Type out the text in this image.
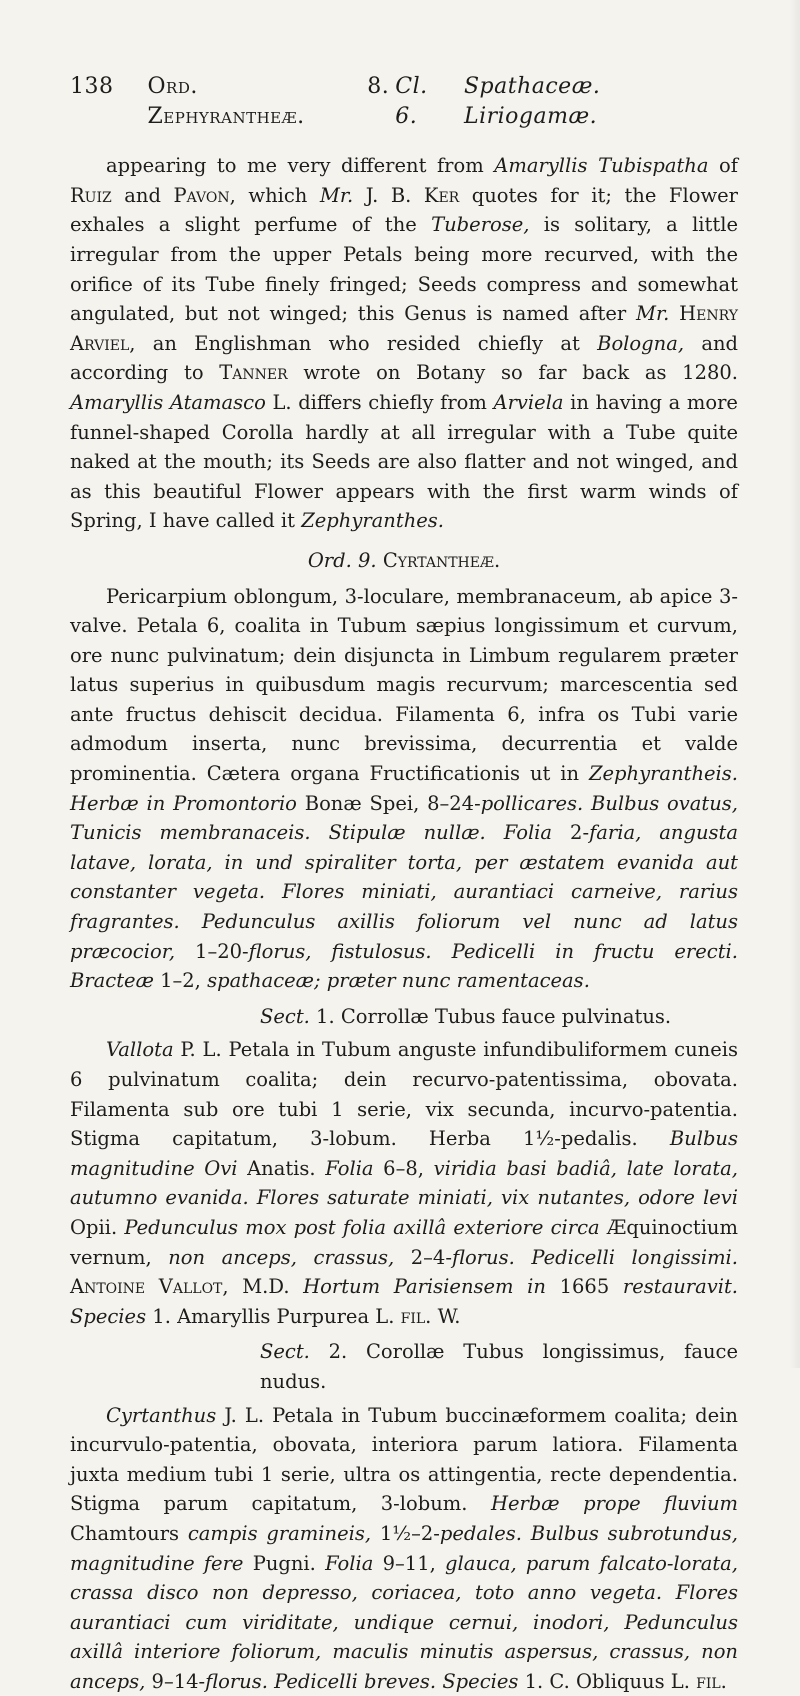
138 Ord. 8. Zephyrantheæ.
Cl. 6.

Spathaceæ. Liriogamæ.

appearing to me very different from Amaryllis Tubispatha of Ruiz and Pavon, which Mr. J. B. Ker quotes for it; the Flower exhales a slight perfume of the Tuberose, is solitary, a little irregular from the upper Petals being more recurved, with the orifice of its Tube finely fringed; Seeds compress and somewhat angulated, but not winged; this Genus is named after Mr. Henry Arviel, an Englishman who resided chiefly at Bologna, and according to Tanner wrote on Botany so far back as 1280. Amaryllis Atamasco L. differs chiefly from Arviela in having a more funnel-shaped Corolla hardly at all irregular with a Tube quite naked at the mouth; its Seeds are also flatter and not winged, and as this beautiful Flower appears with the first warm winds of Spring, I have called it Zephyranthes.

Ord. 9. Cyrtantheæ.

Pericarpium oblongum, 3-loculare, membranaceum, ab apice 3-valve. Petala 6, coalita in Tubum sæpius longissimum et curvum, ore nunc pulvinatum; dein disjuncta in Limbum regularem præter latus superius in quibusdum magis recurvum; marcescentia sed ante fructus dehiscit decidua. Filamenta 6, infra os Tubi varie admodum inserta, nunc brevissima, decurrentia et valde prominentia. Cætera organa Fructificationis ut in Zephyrantheis. Herbæ in Promontorio Bonæ Spei, 8–24-pollicares. Bulbus ovatus, Tunicis membranaceis. Stipulæ nullæ. Folia 2-faria, angusta latave, lorata, in und spiraliter torta, per æstatem evanida aut constanter vegeta. Flores miniati, aurantiaci carneive, rarius fragrantes. Pedunculus axillis foliorum vel nunc ad latus præcocior, 1–20-florus, fistulosus. Pedicelli in fructu erecti. Bracteæ 1–2, spathaceæ; præter nunc ramentaceas.

Sect. 1. Corrollæ Tubus fauce pulvinatus.

Vallota P. L. Petala in Tubum anguste infundibuliformem cuneis 6 pulvinatum coalita; dein recurvo-patentissima, obovata. Filamenta sub ore tubi 1 serie, vix secunda, incurvo-patentia. Stigma capitatum, 3-lobum. Herba 1½-pedalis. Bulbus magnitudine Ovi Anatis. Folia 6–8, viridia basi badiâ, late lorata, autumno evanida. Flores saturate miniati, vix nutantes, odore levi Opii. Pedunculus mox post folia axillâ exteriore circa Æquinoctium vernum, non anceps, crassus, 2–4-florus. Pedicelli longissimi. Antoine Vallot, M.D. Hortum Parisiensem in 1665 restauravit. Species 1. Amaryllis Purpurea L. fil. W.

Sect. 2. Corollæ Tubus longissimus, fauce nudus.

Cyrtanthus J. L. Petala in Tubum buccinæformem coalita; dein incurvulo-patentia, obovata, interiora parum latiora. Filamenta juxta medium tubi 1 serie, ultra os attingentia, recte dependentia. Stigma parum capitatum, 3-lobum. Herbæ prope fluvium Chamtours campis gramineis, 1½–2-pedales. Bulbus subrotundus, magnitudine fere Pugni. Folia 9–11, glauca, parum falcato-lorata, crassa disco non depresso, coriacea, toto anno vegeta. Flores aurantiaci cum viriditate, undique cernui, inodori, Pedunculus axillâ interiore foliorum, maculis minutis aspersus, crassus, non anceps, 9–14-florus. Pedicelli breves. Species 1. C. Obliquus L. fil.
